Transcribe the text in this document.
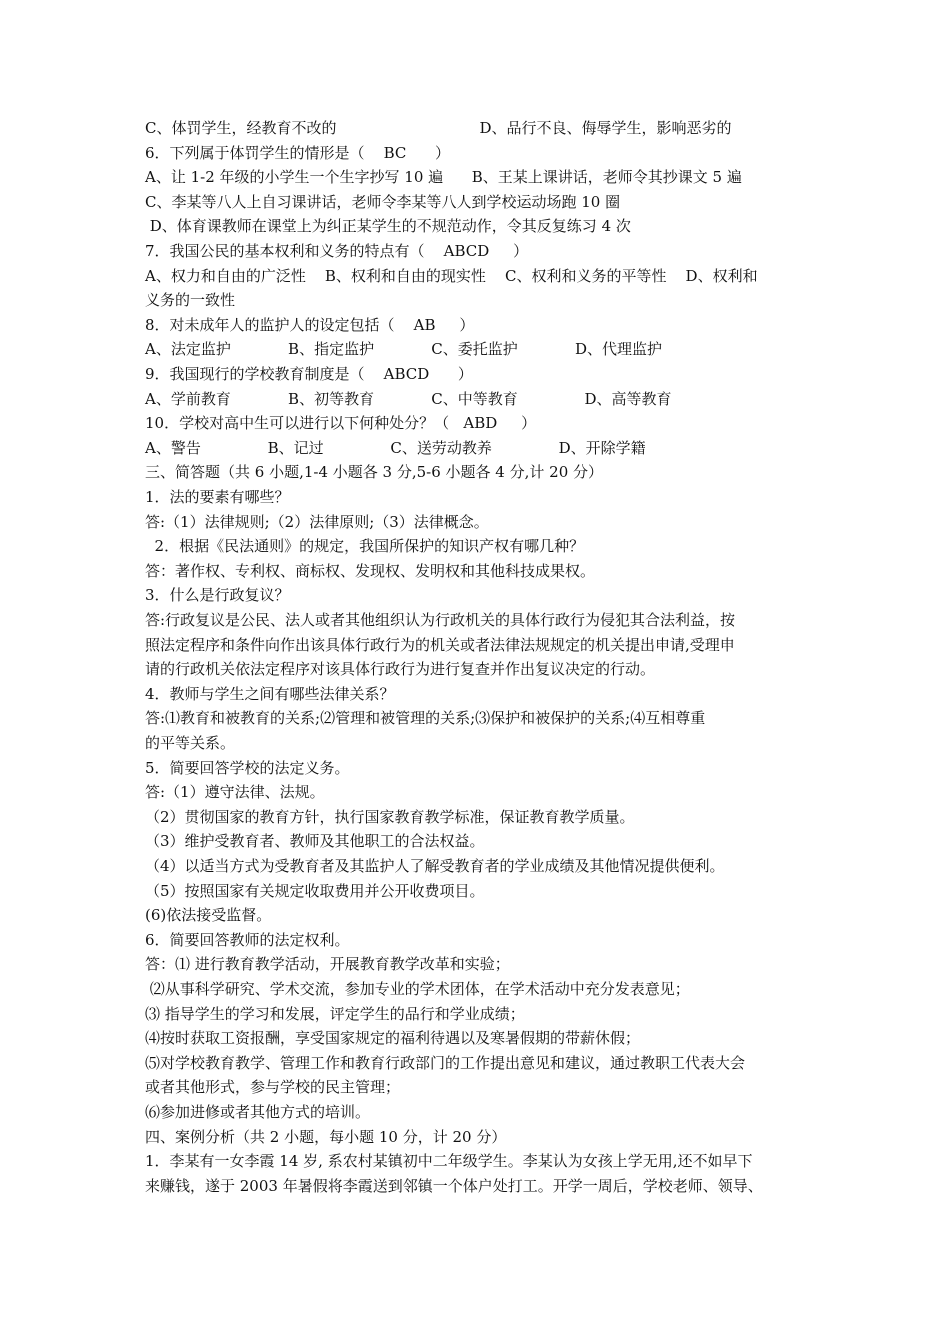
C、体罚学生，经教育不改的                              D、品行不良、侮辱学生，影响恶劣的
6．下列属于体罚学生的情形是（    BC      ）
A、让 1-2 年级的小学生一个生字抄写 10 遍      B、王某上课讲话，老师令其抄课文 5 遍
C、李某等八人上自习课讲话，老师令李某等八人到学校运动场跑 10 圈
D、体育课教师在课堂上为纠正某学生的不规范动作，令其反复练习 4 次
7．我国公民的基本权利和义务的特点有（    ABCD     ）
A、权力和自由的广泛性    B、权利和自由的现实性    C、权利和义务的平等性    D、权利和
义务的一致性
8．对未成年人的监护人的设定包括（    AB     ）
A、法定监护            B、指定监护            C、委托监护            D、代理监护
9．我国现行的学校教育制度是（    ABCD      ）
A、学前教育            B、初等教育            C、中等教育              D、高等教育
10．学校对高中生可以进行以下何种处分？（   ABD     ）
A、警告              B、记过              C、送劳动教养              D、开除学籍
三、简答题（共 6 小题,1-4 小题各 3 分,5-6 小题各 4 分,计 20 分）
1．法的要素有哪些？
答:（1）法律规则;（2）法律原则;（3）法律概念。
2．根据《民法通则》的规定，我国所保护的知识产权有哪几种？
答：著作权、专利权、商标权、发现权、发明权和其他科技成果权。
3．什么是行政复议？
答:行政复议是公民、法人或者其他组织认为行政机关的具体行政行为侵犯其合法利益，按
照法定程序和条件向作出该具体行政行为的机关或者法律法规规定的机关提出申请,受理申
请的行政机关依法定程序对该具体行政行为进行复查并作出复议决定的行动。
4．教师与学生之间有哪些法律关系？
答:⑴教育和被教育的关系;⑵管理和被管理的关系;⑶保护和被保护的关系;⑷互相尊重
的平等关系。
5．简要回答学校的法定义务。
答:（1）遵守法律、法规。
（2）贯彻国家的教育方针，执行国家教育教学标准，保证教育教学质量。
（3）维护受教育者、教师及其他职工的合法权益。
（4）以适当方式为受教育者及其监护人了解受教育者的学业成绩及其他情况提供便利。
（5）按照国家有关规定收取费用并公开收费项目。
(6)依法接受监督。
6．简要回答教师的法定权利。
答：⑴ 进行教育教学活动，开展教育教学改革和实验；
⑵从事科学研究、学术交流，参加专业的学术团体，在学术活动中充分发表意见；
⑶ 指导学生的学习和发展，评定学生的品行和学业成绩；
⑷按时获取工资报酬，享受国家规定的福利待遇以及寒暑假期的带薪休假；
⑸对学校教育教学、管理工作和教育行政部门的工作提出意见和建议，通过教职工代表大会
或者其他形式，参与学校的民主管理；
⑹参加进修或者其他方式的培训。
四、案例分析（共 2 小题，每小题 10 分，计 20 分）
1．李某有一女李霞 14 岁, 系农村某镇初中二年级学生。李某认为女孩上学无用,还不如早下
来赚钱，遂于 2003 年暑假将李霞送到邻镇一个体户处打工。开学一周后，学校老师、领导、
